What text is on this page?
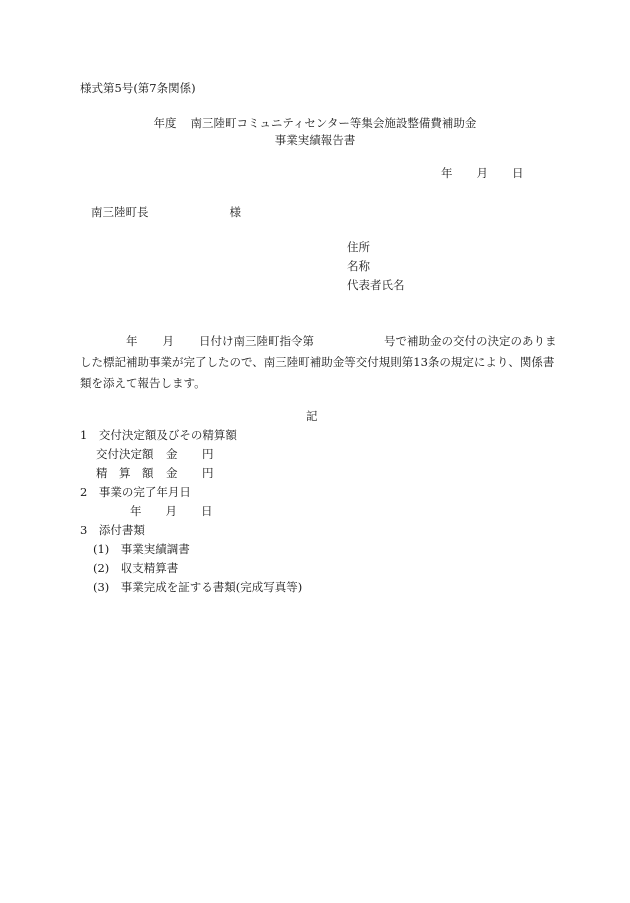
様式第5号(第7条関係)
年度 南三陸町コミュニティセンター等集会施設整備費補助金
事業実績報告書
年 月 日
南三陸町長	様
住所
名称
代表者氏名
年 月 日付け南三陸町指令第	号で補助金の交付の決定のありました標記補助事業が完了したので、南三陸町補助金等交付規則第13条の規定により、関係書類を添えて報告します。
記
1　交付決定額及びその精算額
交付決定額 金 円
精　算　額 金 円
2　事業の完了年月日
年 月 日
3　添付書類
(1)　事業実績調書
(2)　収支精算書
(3)　事業完成を証する書類(完成写真等)
